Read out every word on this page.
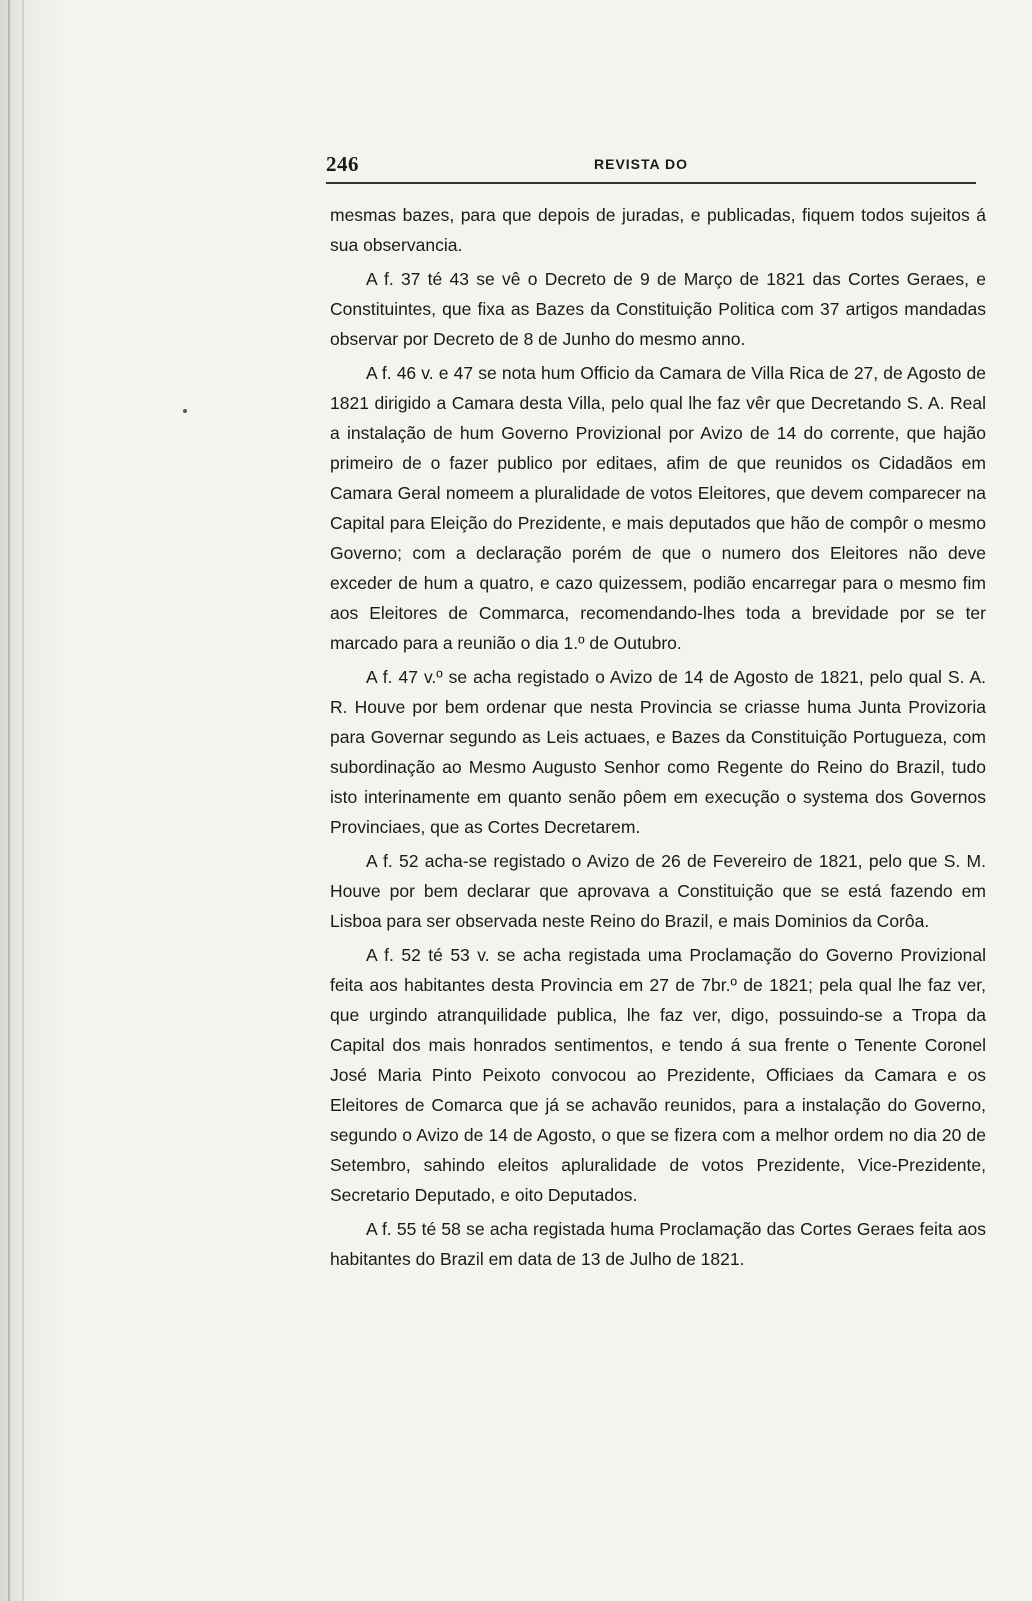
246	REVISTA DO

mesmas bazes, para que depois de juradas, e publicadas, fiquem todos sujeitos á sua observancia.

A f. 37 té 43 se vê o Decreto de 9 de Março de 1821 das Cortes Geraes, e Constituintes, que fixa as Bazes da Constituição Politica com 37 artigos mandadas observar por Decreto de 8 de Junho do mesmo anno.

A f. 46 v. e 47 se nota hum Officio da Camara de Villa Rica de 27, de Agosto de 1821 dirigido a Camara desta Villa, pelo qual lhe faz vêr que Decretando S. A. Real a instalação de hum Governo Provizional por Avizo de 14 do corrente, que hajão primeiro de o fazer publico por editaes, afim de que reunidos os Cidadãos em Camara Geral nomeem a pluralidade de votos Eleitores, que devem comparecer na Capital para Eleição do Prezidente, e mais deputados que hão de compôr o mesmo Governo; com a declaração porém de que o numero dos Eleitores não deve exceder de hum a quatro, e cazo quizessem, podião encarregar para o mesmo fim aos Eleitores de Commarca, recomendando-lhes toda a brevidade por se ter marcado para a reunião o dia 1.º de Outubro.

A f. 47 v.º se acha registado o Avizo de 14 de Agosto de 1821, pelo qual S. A. R. Houve por bem ordenar que nesta Provincia se criasse huma Junta Provizoria para Governar segundo as Leis actuaes, e Bazes da Constituição Portugueza, com subordinação ao Mesmo Augusto Senhor como Regente do Reino do Brazil, tudo isto interinamente em quanto senão pôem em execução o systema dos Governos Provinciaes, que as Cortes Decretarem.

A f. 52 acha-se registado o Avizo de 26 de Fevereiro de 1821, pelo que S. M. Houve por bem declarar que aprovava a Constituição que se está fazendo em Lisboa para ser observada neste Reino do Brazil, e mais Dominios da Corôa.

A f. 52 té 53 v. se acha registada uma Proclamação do Governo Provizional feita aos habitantes desta Provincia em 27 de 7br.º de 1821; pela qual lhe faz ver, que urgindo atranquilidade publica, lhe faz ver, digo, possuindo-se a Tropa da Capital dos mais honrados sentimentos, e tendo á sua frente o Tenente Coronel José Maria Pinto Peixoto convocou ao Prezidente, Officiaes da Camara e os Eleitores de Comarca que já se achavão reunidos, para a instalação do Governo, segundo o Avizo de 14 de Agosto, o que se fizera com a melhor ordem no dia 20 de Setembro, sahindo eleitos apluralidade de votos Prezidente, Vice-Prezidente, Secretario Deputado, e oito Deputados.

A f. 55 té 58 se acha registada huma Proclamação das Cortes Geraes feita aos habitantes do Brazil em data de 13 de Julho de 1821.
